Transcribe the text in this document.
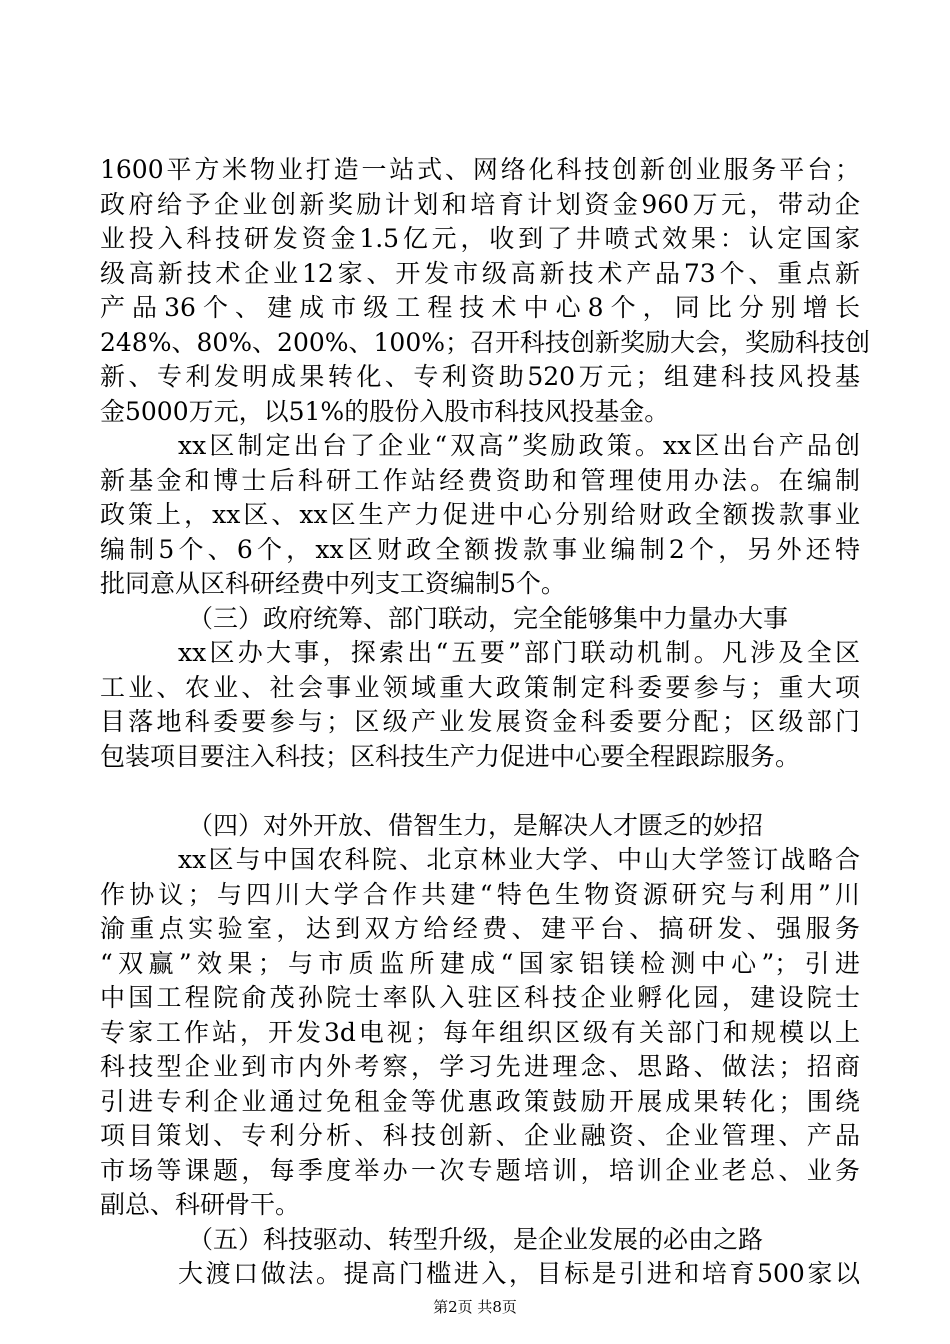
1600平方米物业打造一站式、网络化科技创新创业服务平台；
政府给予企业创新奖励计划和培育计划资金960万元，带动企
业投入科技研发资金1.5亿元，收到了井喷式效果：认定国家
级高新技术企业12家、开发市级高新技术产品73个、重点新
产品36个、建成市级工程技术中心8个，同比分别增长
248%、80%、200%、100%；召开科技创新奖励大会，奖励科技创
新、专利发明成果转化、专利资助520万元；组建科技风投基
金5000万元，以51%的股份入股市科技风投基金。
xx区制定出台了企业“双高”奖励政策。xx区出台产品创
新基金和博士后科研工作站经费资助和管理使用办法。在编制
政策上，xx区、xx区生产力促进中心分别给财政全额拨款事业
编制5个、6个，xx区财政全额拨款事业编制2个，另外还特
批同意从区科研经费中列支工资编制5个。
（三）政府统筹、部门联动，完全能够集中力量办大事
xx区办大事，探索出“五要”部门联动机制。凡涉及全区
工业、农业、社会事业领域重大政策制定科委要参与；重大项
目落地科委要参与；区级产业发展资金科委要分配；区级部门
包装项目要注入科技；区科技生产力促进中心要全程跟踪服务。
（四）对外开放、借智生力，是解决人才匮乏的妙招
xx区与中国农科院、北京林业大学、中山大学签订战略合
作协议；与四川大学合作共建“特色生物资源研究与利用”川
渝重点实验室，达到双方给经费、建平台、搞研发、强服务
“双赢”效果；与市质监所建成“国家铝镁检测中心”；引进
中国工程院俞茂孙院士率队入驻区科技企业孵化园，建设院士
专家工作站，开发3d电视；每年组织区级有关部门和规模以上
科技型企业到市内外考察，学习先进理念、思路、做法；招商
引进专利企业通过免租金等优惠政策鼓励开展成果转化；围绕
项目策划、专利分析、科技创新、企业融资、企业管理、产品
市场等课题，每季度举办一次专题培训，培训企业老总、业务
副总、科研骨干。
（五）科技驱动、转型升级，是企业发展的必由之路
大渡口做法。提高门槛进入，目标是引进和培育500家以
第2页 共8页
